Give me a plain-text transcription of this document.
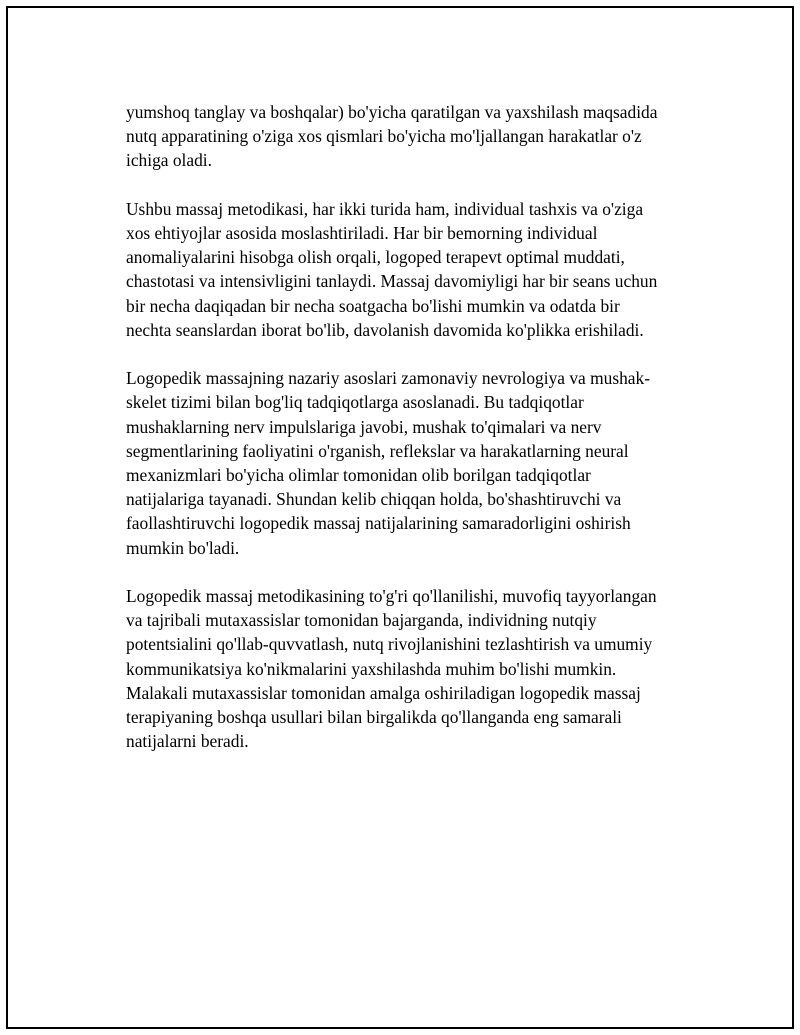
yumshoq tanglay va boshqalar) bo'yicha qaratilgan va yaxshilash maqsadida
nutq apparatining o'ziga xos qismlari bo'yicha mo'ljallangan harakatlar o'z
ichiga oladi.

Ushbu massaj metodikasi, har ikki turida ham, individual tashxis va o'ziga
xos ehtiyojlar asosida moslashtiriladi. Har bir bemorning individual
anomaliyalarini hisobga olish orqali, logoped terapevt optimal muddati,
chastotasi va intensivligini tanlaydi. Massaj davomiyligi har bir seans uchun
bir necha daqiqadan bir necha soatgacha bo'lishi mumkin va odatda bir
nechta seanslardan iborat bo'lib, davolanish davomida ko'plikka erishiladi.

Logopedik massajning nazariy asoslari zamonaviy nevrologiya va mushak-
skelet tizimi bilan bog'liq tadqiqotlarga asoslanadi. Bu tadqiqotlar
mushaklarning nerv impulslariga javobi, mushak to'qimalari va nerv
segmentlarining faoliyatini o'rganish, reflekslar va harakatlarning neural
mexanizmlari bo'yicha olimlar tomonidan olib borilgan tadqiqotlar
natijalariga tayanadi. Shundan kelib chiqqan holda, bo'shashtiruvchi va
faollashtiruvchi logopedik massaj natijalarining samaradorligini oshirish
mumkin bo'ladi.

Logopedik massaj metodikasining to'g'ri qo'llanilishi, muvofiq tayyorlangan
va tajribali mutaxassislar tomonidan bajarganda, individning nutqiy
potentsialini qo'llab-quvvatlash, nutq rivojlanishini tezlashtirish va umumiy
kommunikatsiya ko'nikmalarini yaxshilashda muhim bo'lishi mumkin.
Malakali mutaxassislar tomonidan amalga oshiriladigan logopedik massaj
terapiyaning boshqa usullari bilan birgalikda qo'llanganda eng samarali
natijalarni beradi.
